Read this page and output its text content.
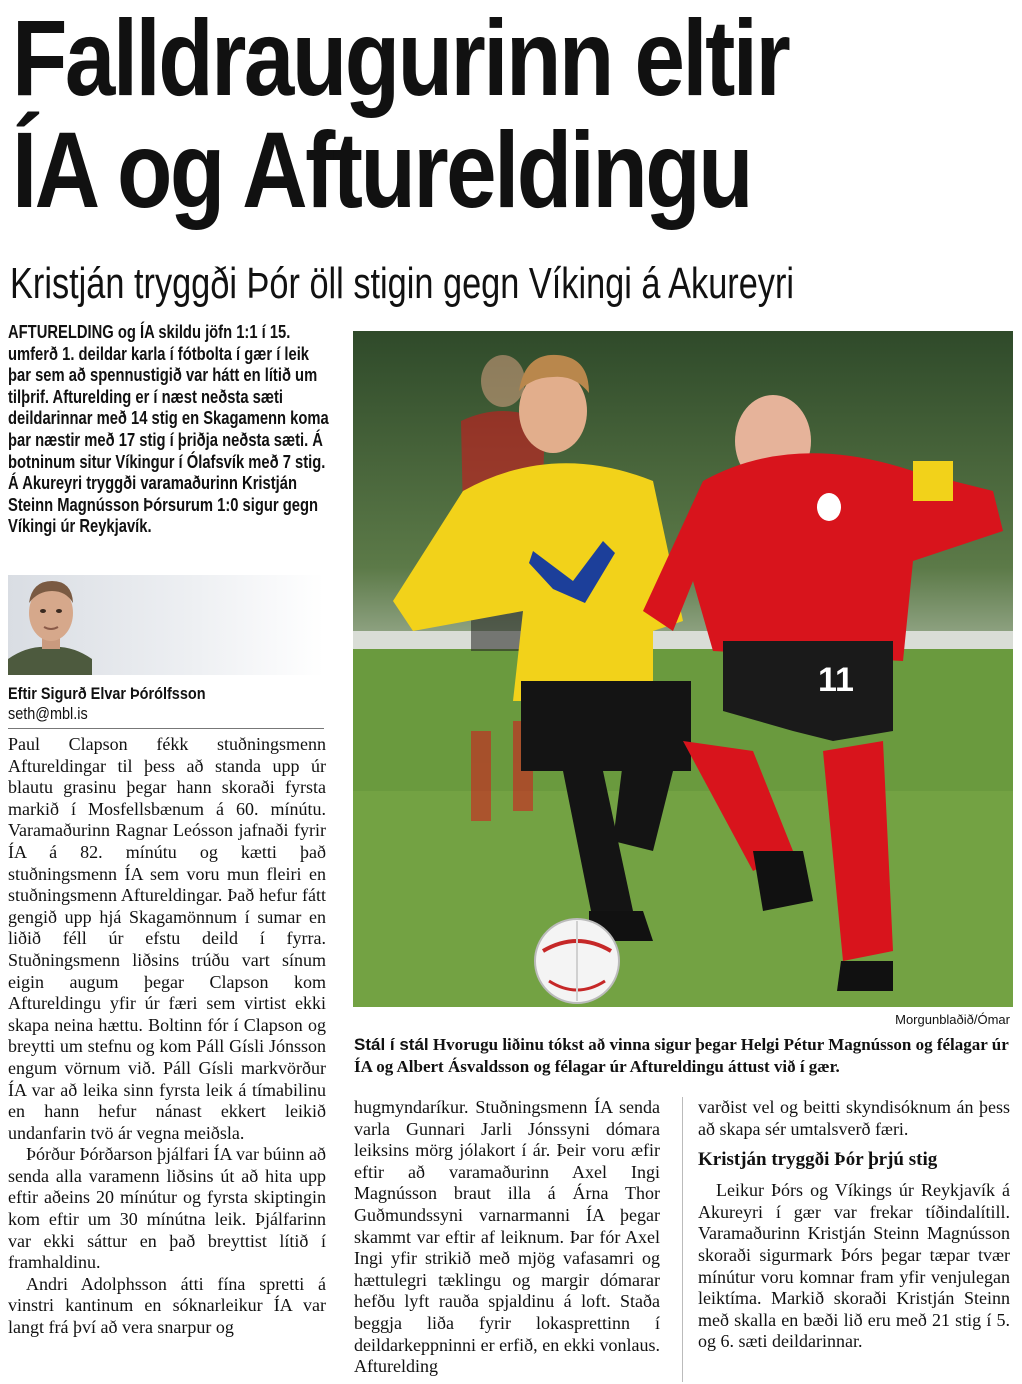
Falldraugurinn eltir
ÍA og Aftureldingu
Kristján tryggði Þór öll stigin gegn Víkingi á Akureyri

AFTURELDING og ÍA skildu jöfn 1:1 í 15. umferð 1. deildar karla í fótbolta í gær í leik þar sem að spennustigið var hátt en lítið um tilþrif. Afturelding er í næst neðsta sæti deildarinnar með 14 stig en Skagamenn koma þar næstir með 17 stig í þriðja neðsta sæti. Á botninum situr Víkingur í Ólafsvík með 7 stig. Á Akureyri tryggði varamaðurinn Kristján Steinn Magnússon Þórsurum 1:0 sigur gegn Víkingi úr Reykjavík.

Eftir Sigurð Elvar Þórólfsson
seth@mbl.is

Paul Clapson fékk stuðningsmenn Aftureldingar til þess að standa upp úr blautu grasinu þegar hann skoraði fyrsta markið í Mosfellsbænum á 60. mínútu. Varamaðurinn Ragnar Leósson jafnaði fyrir ÍA á 82. mínútu og kætti það stuðningsmenn ÍA sem voru mun fleiri en stuðningsmenn Aftureldingar. Það hefur fátt gengið upp hjá Skagamönnum í sumar en liðið féll úr efstu deild í fyrra. Stuðningsmenn liðsins trúðu vart sínum eigin augum þegar Clapson kom Aftureldingu yfir úr færi sem virtist ekki skapa neina hættu. Boltinn fór í Clapson og breytti um stefnu og kom Páll Gísli Jónsson engum vörnum við. Páll Gísli markvörður ÍA var að leika sinn fyrsta leik á tímabilinu en hann hefur nánast ekkert leikið undanfarin tvö ár vegna meiðsla.

Þórður Þórðarson þjálfari ÍA var búinn að senda alla varamenn liðsins út að hita upp eftir aðeins 20 mínútur og fyrsta skiptingin kom eftir um 30 mínútna leik. Þjálfarinn var ekki sáttur en það breyttist lítið í framhaldinu.

Andri Adolphsson átti fína spretti á vinstri kantinum en sóknarleikur ÍA var langt frá því að vera snarpur og

11
Morgunblaðið/Ómar

Stál í stál Hvorugu liðinu tókst að vinna sigur þegar Helgi Pétur Magnússon og félagar úr ÍA og Albert Ásvaldsson og félagar úr Aftureldingu áttust við í gær.

hugmyndaríkur. Stuðningsmenn ÍA senda varla Gunnari Jarli Jónssyni dómara leiksins mörg jólakort í ár. Þeir voru æfir eftir að varamaðurinn Axel Ingi Magnússon braut illa á Árna Thor Guðmundssyni varnarmanni ÍA þegar skammt var eftir af leiknum. Þar fór Axel Ingi yfir strikið með mjög vafasamri og hættulegri tæklingu og margir dómarar hefðu lyft rauða spjaldinu á loft. Staða beggja liða fyrir lokasprettinn í deildarkeppninni er erfið, en ekki vonlaus. Afturelding

varðist vel og beitti skyndisóknum án þess að skapa sér umtalsverð færi.

Kristján tryggði Þór þrjú stig

Leikur Þórs og Víkings úr Reykjavík á Akureyri í gær var frekar tíðindalítill. Varamaðurinn Kristján Steinn Magnússon skoraði sigurmark Þórs þegar tæpar tvær mínútur voru komnar fram yfir venjulegan leiktíma. Markið skoraði Kristján Steinn með skalla en bæði lið eru með 21 stig í 5. og 6. sæti deildarinnar.
